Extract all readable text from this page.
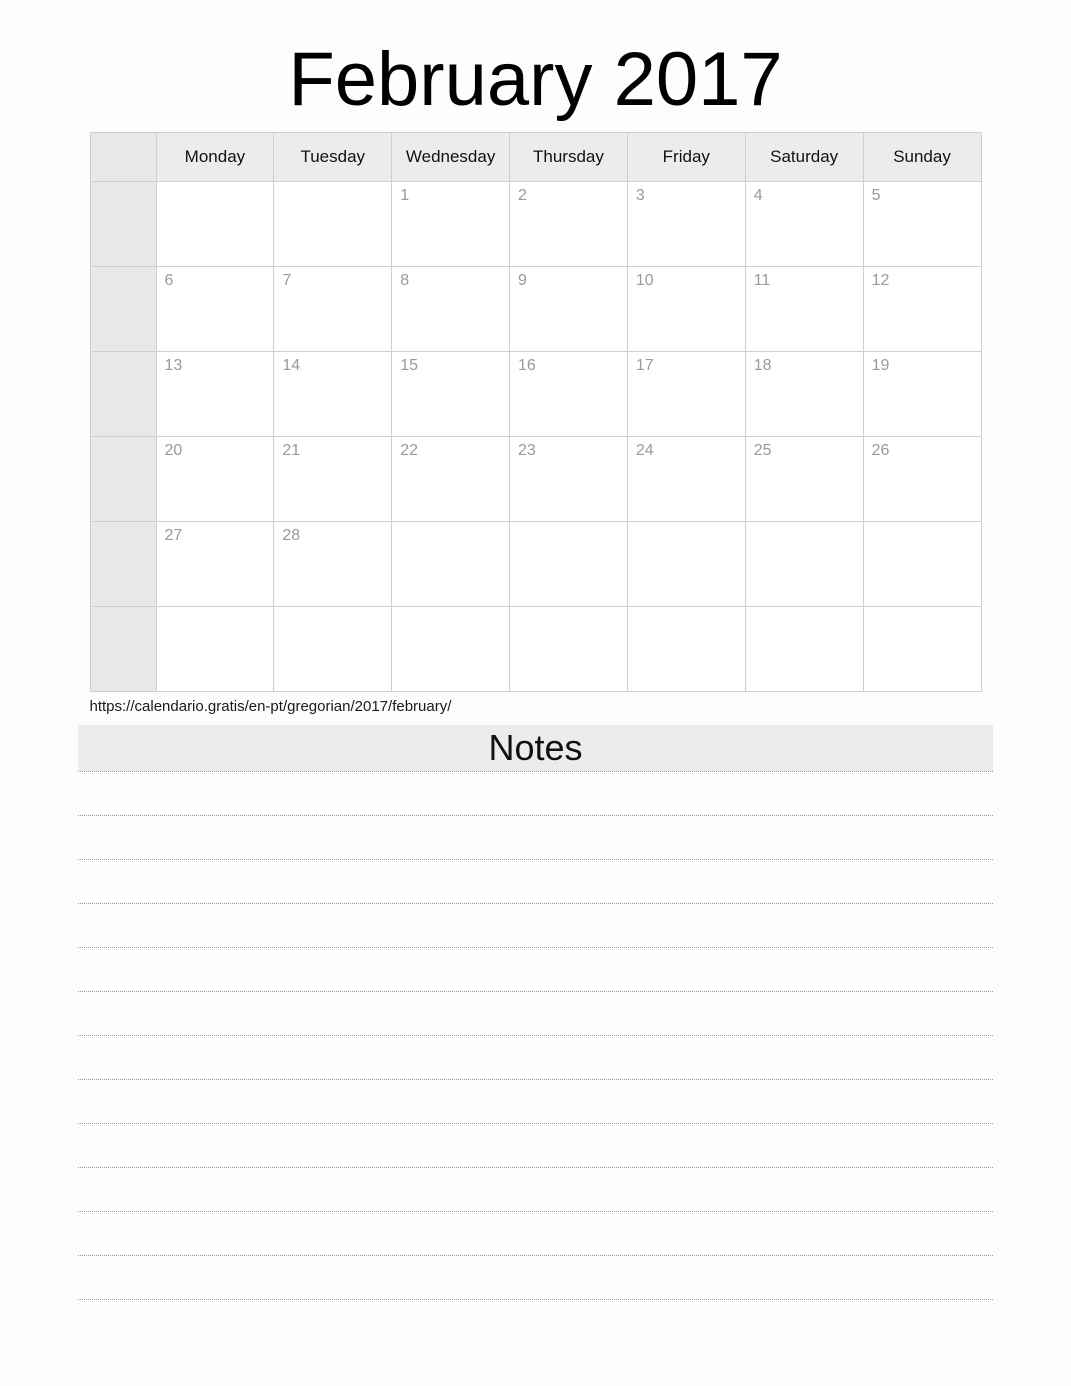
February 2017
	Monday	Tuesday	Wednesday	Thursday	Friday	Saturday	Sunday

			1	2	3	4	5

	6	7	8	9	10	11	12

	13	14	15	16	17	18	19

	20	21	22	23	24	25	26

	27	28					

https://calendario.gratis/en-pt/gregorian/2017/february/
Notes
